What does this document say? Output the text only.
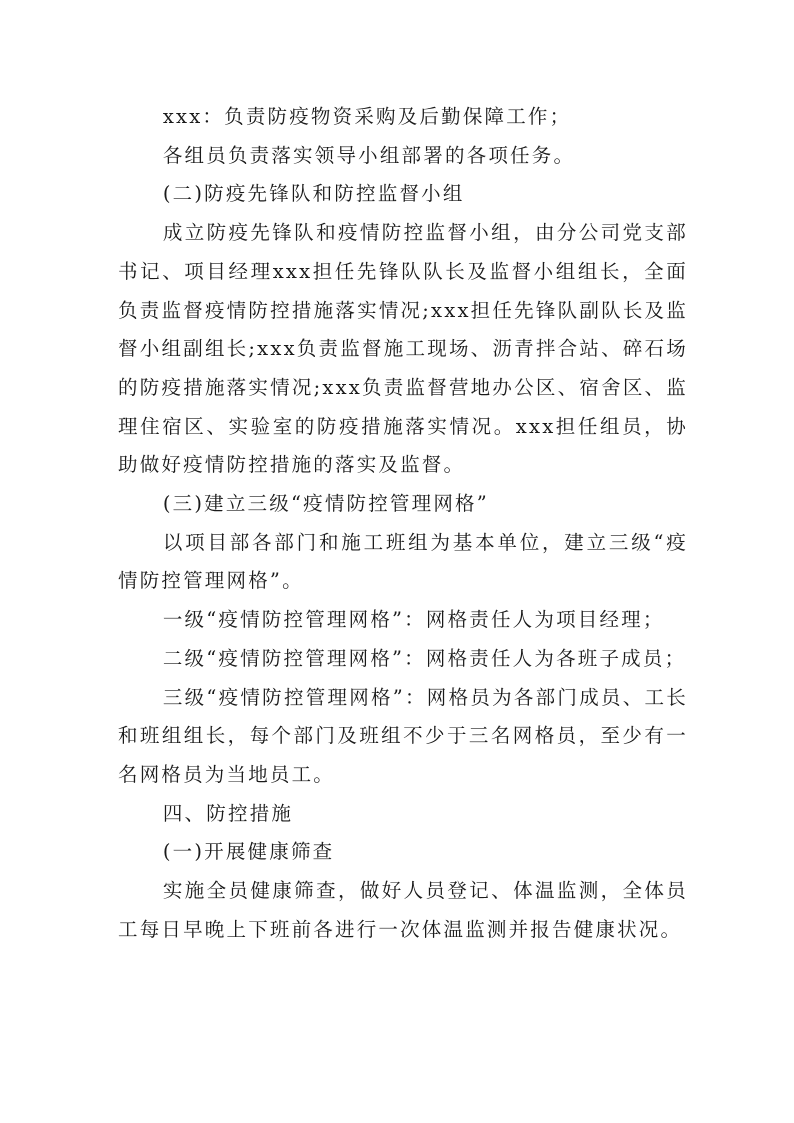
xxx：负责防疫物资采购及后勤保障工作；

各组员负责落实领导小组部署的各项任务。

(二)防疫先锋队和防控监督小组

成立防疫先锋队和疫情防控监督小组，由分公司党支部书记、项目经理xxx担任先锋队队长及监督小组组长，全面负责监督疫情防控措施落实情况;xxx担任先锋队副队长及监督小组副组长;xxx负责监督施工现场、沥青拌合站、碎石场的防疫措施落实情况;xxx负责监督营地办公区、宿舍区、监理住宿区、实验室的防疫措施落实情况。xxx担任组员，协助做好疫情防控措施的落实及监督。

(三)建立三级“疫情防控管理网格”

以项目部各部门和施工班组为基本单位，建立三级“疫情防控管理网格”。

一级“疫情防控管理网格”：网格责任人为项目经理；

二级“疫情防控管理网格”：网格责任人为各班子成员；

三级“疫情防控管理网格”：网格员为各部门成员、工长和班组组长，每个部门及班组不少于三名网格员，至少有一名网格员为当地员工。

四、防控措施

(一)开展健康筛查

实施全员健康筛查，做好人员登记、体温监测，全体员工每日早晚上下班前各进行一次体温监测并报告健康状况。
